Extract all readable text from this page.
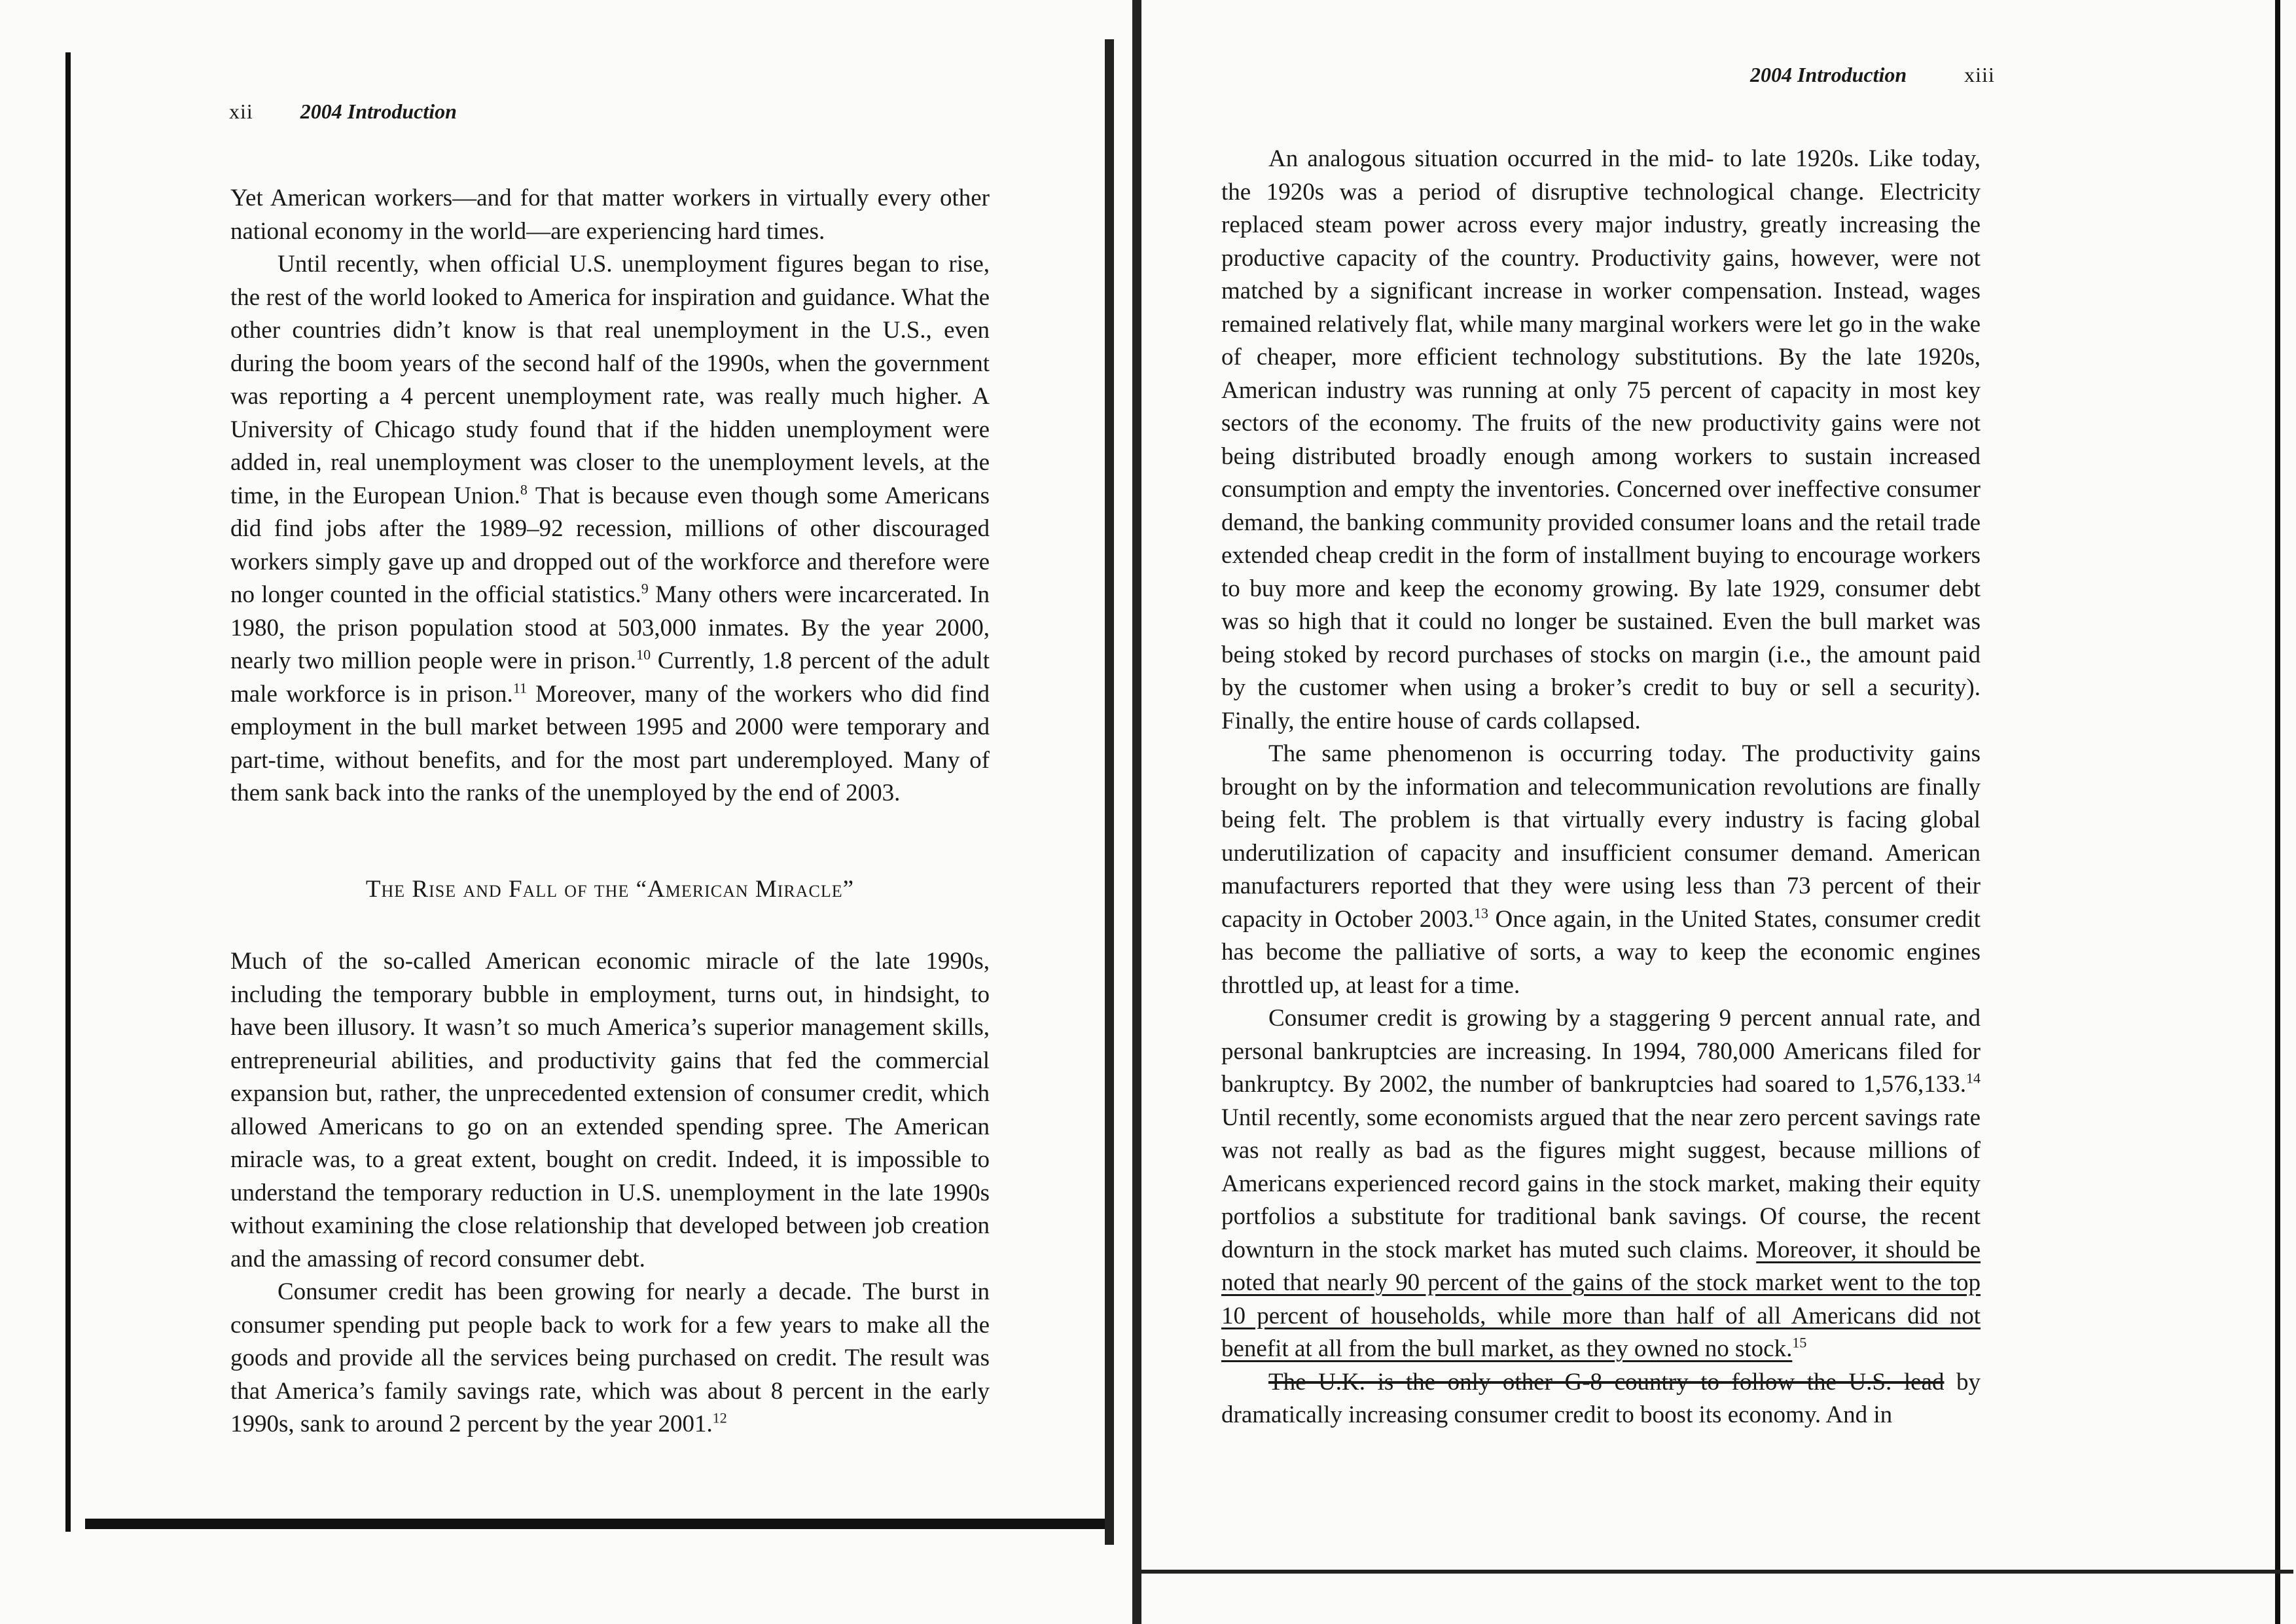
xii 2004 Introduction

Yet American workers—and for that matter workers in virtually every other national economy in the world—are experiencing hard times.

Until recently, when official U.S. unemployment figures began to rise, the rest of the world looked to America for inspiration and guidance. What the other countries didn’t know is that real unemployment in the U.S., even during the boom years of the second half of the 1990s, when the government was reporting a 4 percent unemployment rate, was really much higher. A University of Chicago study found that if the hidden unemployment were added in, real unemployment was closer to the unemployment levels, at the time, in the European Union.$^8$ That is because even though some Americans did find jobs after the 1989–92 recession, millions of other discouraged workers simply gave up and dropped out of the workforce and therefore were no longer counted in the official statistics.$^9$ Many others were incarcerated. In 1980, the prison population stood at 503,000 inmates. By the year 2000, nearly two million people were in prison.$^{10}$ Currently, 1.8 percent of the adult male workforce is in prison.$^{11}$ Moreover, many of the workers who did find employment in the bull market between 1995 and 2000 were temporary and part-time, without benefits, and for the most part underemployed. Many of them sank back into the ranks of the unemployed by the end of 2003.

The Rise and Fall of the “American Miracle”

Much of the so-called American economic miracle of the late 1990s, including the temporary bubble in employment, turns out, in hindsight, to have been illusory. It wasn’t so much America’s superior management skills, entrepreneurial abilities, and productivity gains that fed the commercial expansion but, rather, the unprecedented extension of consumer credit, which allowed Americans to go on an extended spending spree. The American miracle was, to a great extent, bought on credit. Indeed, it is impossible to understand the temporary reduction in U.S. unemployment in the late 1990s without examining the close relationship that developed between job creation and the amassing of record consumer debt.

Consumer credit has been growing for nearly a decade. The burst in consumer spending put people back to work for a few years to make all the goods and provide all the services being purchased on credit. The result was that America’s family savings rate, which was about 8 percent in the early 1990s, sank to around 2 percent by the year 2001.12

2004 Introduction	xiii

An analogous situation occurred in the mid- to late 1920s. Like today, the 1920s was a period of disruptive technological change. Electricity replaced steam power across every major industry, greatly increasing the productive capacity of the country. Productivity gains, however, were not matched by a significant increase in worker compensation. Instead, wages remained relatively flat, while many marginal workers were let go in the wake of cheaper, more efficient technology substitutions. By the late 1920s, American industry was running at only 75 percent of capacity in most key sectors of the economy. The fruits of the new productivity gains were not being distributed broadly enough among workers to sustain increased consumption and empty the inventories. Concerned over ineffective consumer demand, the banking community provided consumer loans and the retail trade extended cheap credit in the form of installment buying to encourage workers to buy more and keep the economy growing. By late 1929, consumer debt was so high that it could no longer be sustained. Even the bull market was being stoked by record purchases of stocks on margin (i.e., the amount paid by the customer when using a broker’s credit to buy or sell a security). Finally, the entire house of cards collapsed.

The same phenomenon is occurring today. The productivity gains brought on by the information and telecommunication revolutions are finally being felt. The problem is that virtually every industry is facing global underutilization of capacity and insufficient consumer demand. American manufacturers reported that they were using less than 73 percent of their capacity in October 2003.13 Once again, in the United States, consumer credit has become the palliative of sorts, a way to keep the economic engines throttled up, at least for a time.

Consumer credit is growing by a staggering 9 percent annual rate, and personal bankruptcies are increasing. In 1994, 780,000 Americans filed for bankruptcy. By 2002, the number of bankruptcies had soared to 1,576,133.14 Until recently, some economists argued that the near zero percent savings rate was not really as bad as the figures might suggest, because millions of Americans experienced record gains in the stock market, making their equity portfolios a substitute for traditional bank savings. Of course, the recent downturn in the stock market has muted such claims. Moreover, it should be noted that nearly 90 percent of the gains of the stock market went to the top 10 percent of households, while more than half of all Americans did not benefit at all from the bull market, as they owned no stock.$^{15}$

The U.K. is the only other G-8 country to follow the U.S. lead by dramatically increasing consumer credit to boost its economy. And in
